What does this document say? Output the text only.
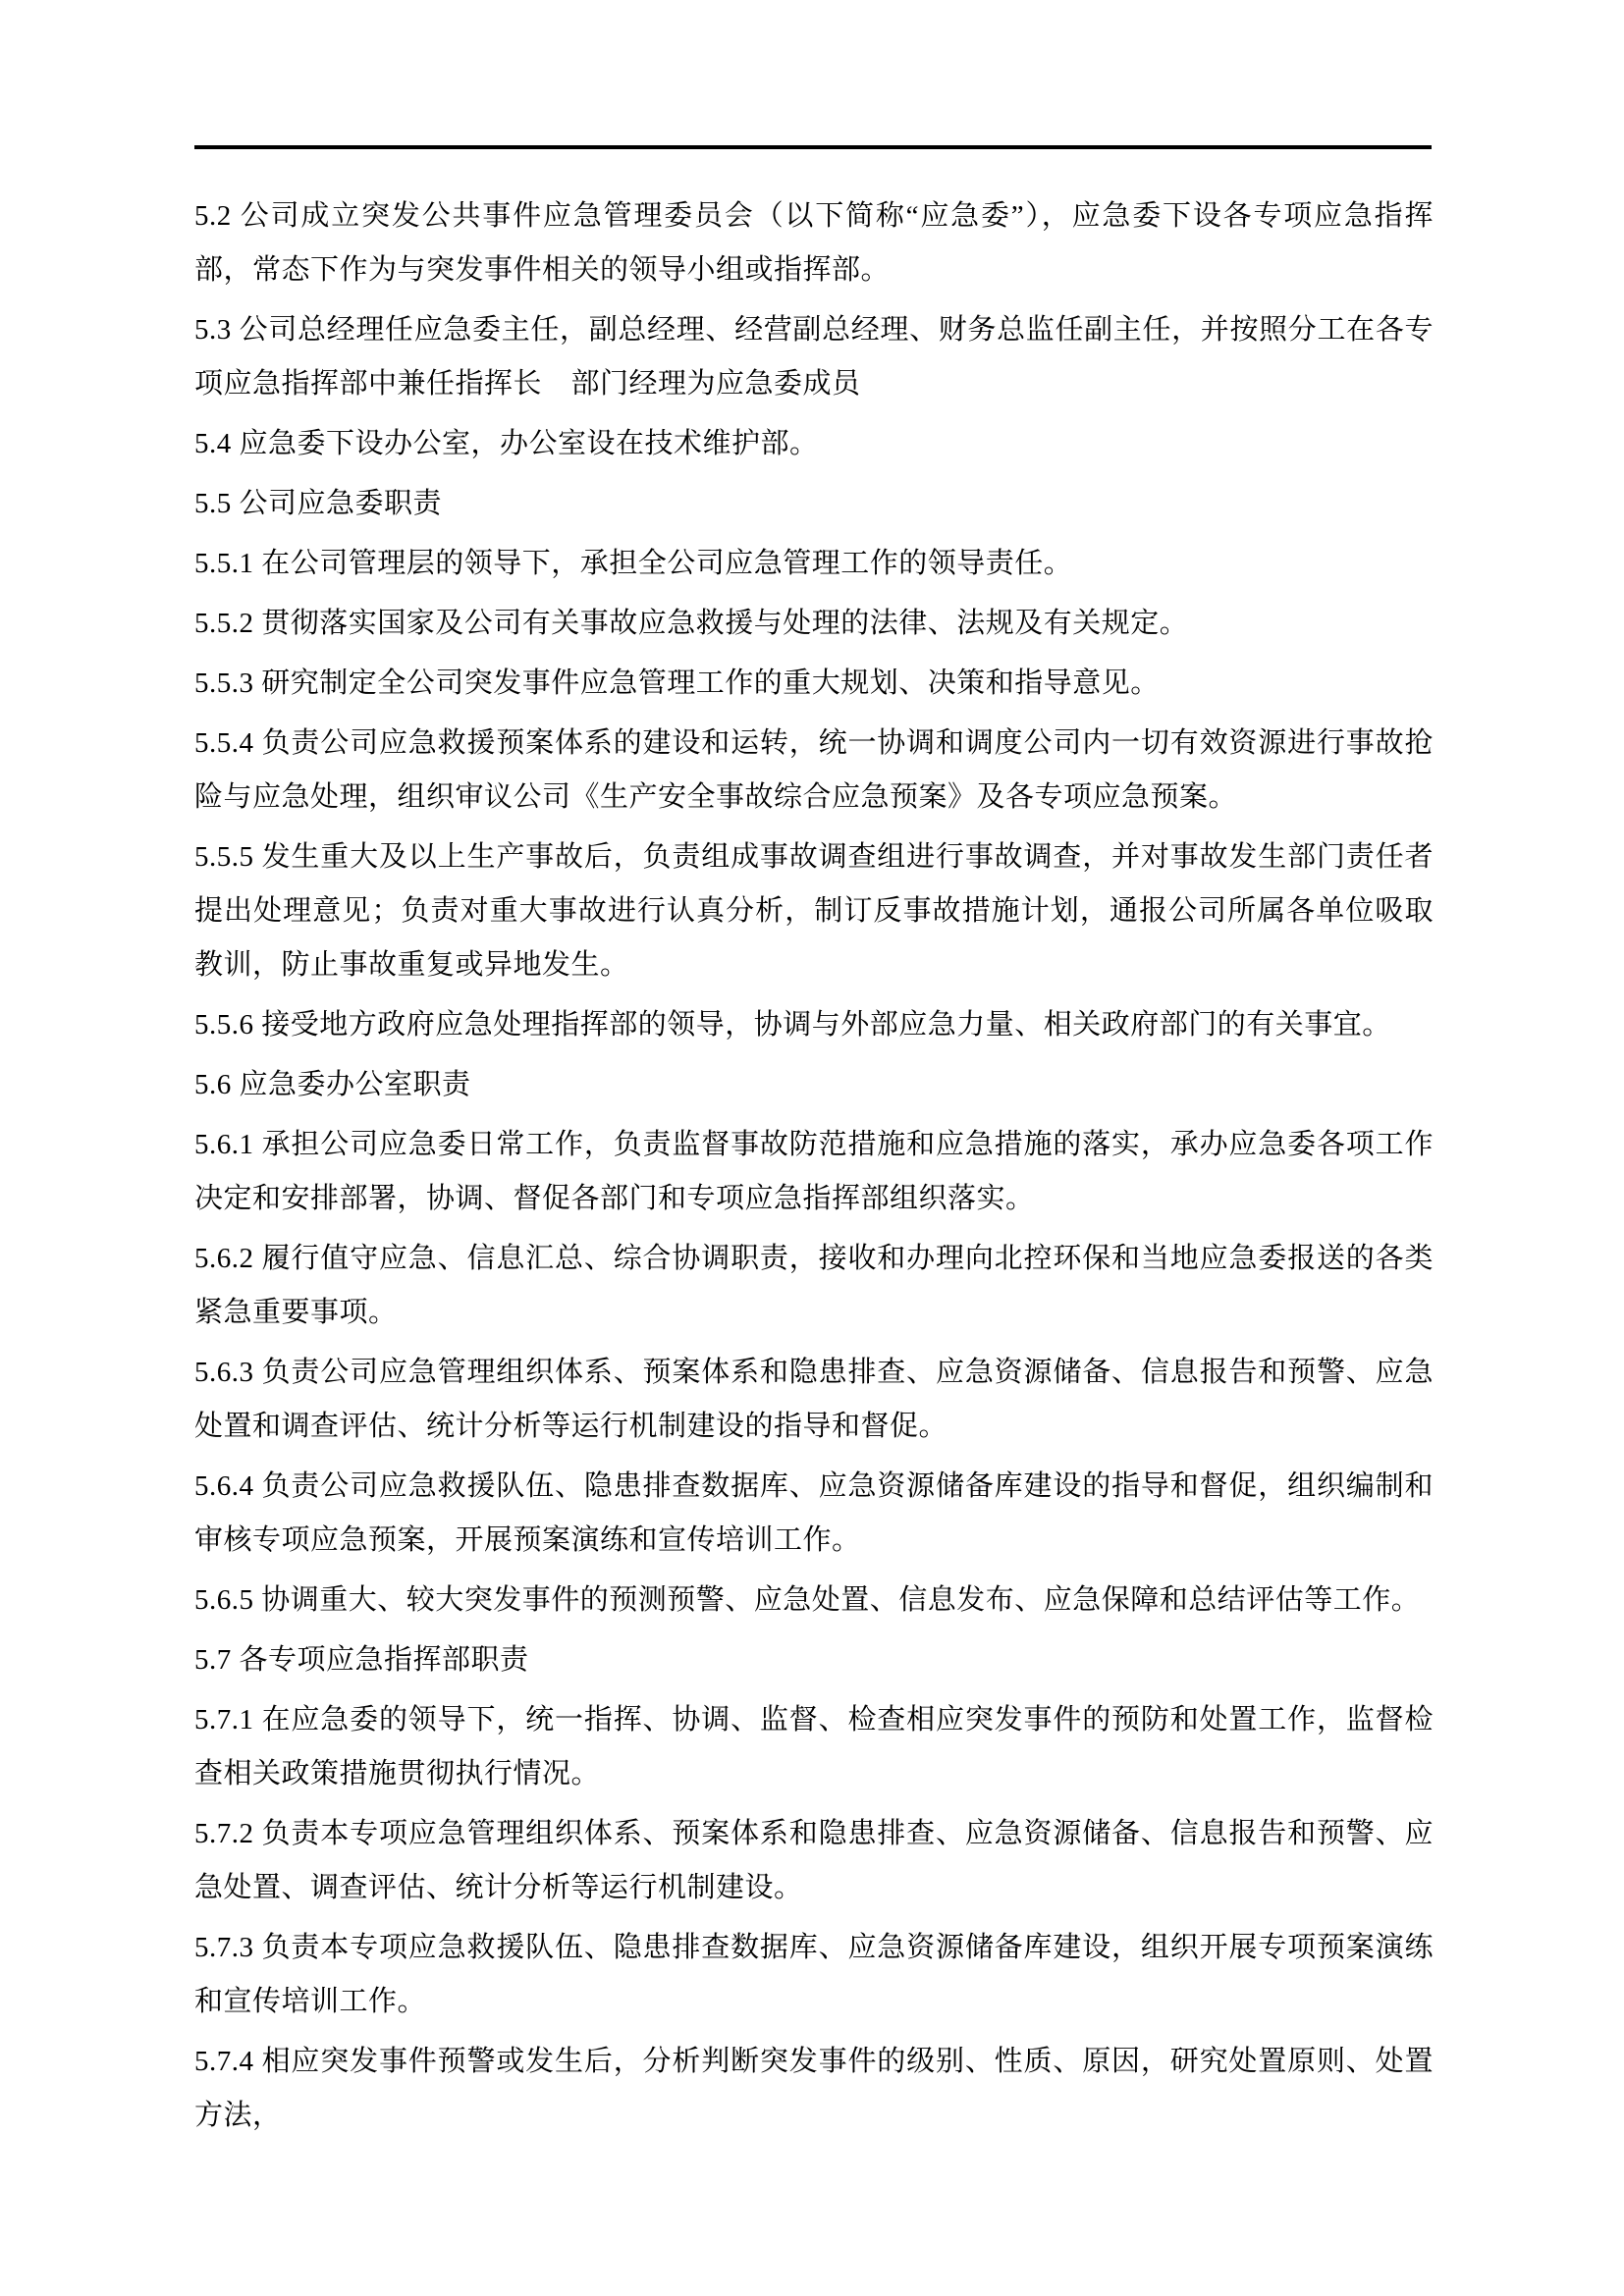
5.2 公司成立突发公共事件应急管理委员会（以下简称“应急委”），应急委下设各专项应急指挥部，常态下作为与突发事件相关的领导小组或指挥部。

5.3 公司总经理任应急委主任，副总经理、经营副总经理、财务总监任副主任，并按照分工在各专项应急指挥部中兼任指挥长　部门经理为应急委成员

5.4 应急委下设办公室，办公室设在技术维护部。

5.5 公司应急委职责

5.5.1 在公司管理层的领导下，承担全公司应急管理工作的领导责任。

5.5.2 贯彻落实国家及公司有关事故应急救援与处理的法律、法规及有关规定。

5.5.3 研究制定全公司突发事件应急管理工作的重大规划、决策和指导意见。

5.5.4 负责公司应急救援预案体系的建设和运转，统一协调和调度公司内一切有效资源进行事故抢险与应急处理，组织审议公司《生产安全事故综合应急预案》及各专项应急预案。

5.5.5 发生重大及以上生产事故后，负责组成事故调查组进行事故调查，并对事故发生部门责任者提出处理意见；负责对重大事故进行认真分析，制订反事故措施计划，通报公司所属各单位吸取教训，防止事故重复或异地发生。

5.5.6 接受地方政府应急处理指挥部的领导，协调与外部应急力量、相关政府部门的有关事宜。

5.6 应急委办公室职责

5.6.1 承担公司应急委日常工作，负责监督事故防范措施和应急措施的落实，承办应急委各项工作决定和安排部署，协调、督促各部门和专项应急指挥部组织落实。

5.6.2 履行值守应急、信息汇总、综合协调职责，接收和办理向北控环保和当地应急委报送的各类紧急重要事项。

5.6.3 负责公司应急管理组织体系、预案体系和隐患排查、应急资源储备、信息报告和预警、应急处置和调查评估、统计分析等运行机制建设的指导和督促。

5.6.4 负责公司应急救援队伍、隐患排查数据库、应急资源储备库建设的指导和督促，组织编制和审核专项应急预案，开展预案演练和宣传培训工作。

5.6.5 协调重大、较大突发事件的预测预警、应急处置、信息发布、应急保障和总结评估等工作。

5.7 各专项应急指挥部职责

5.7.1 在应急委的领导下，统一指挥、协调、监督、检查相应突发事件的预防和处置工作，监督检查相关政策措施贯彻执行情况。

5.7.2 负责本专项应急管理组织体系、预案体系和隐患排查、应急资源储备、信息报告和预警、应急处置、调查评估、统计分析等运行机制建设。

5.7.3 负责本专项应急救援队伍、隐患排查数据库、应急资源储备库建设，组织开展专项预案演练和宣传培训工作。

5.7.4 相应突发事件预警或发生后，分析判断突发事件的级别、性质、原因，研究处置原则、处置方法，
